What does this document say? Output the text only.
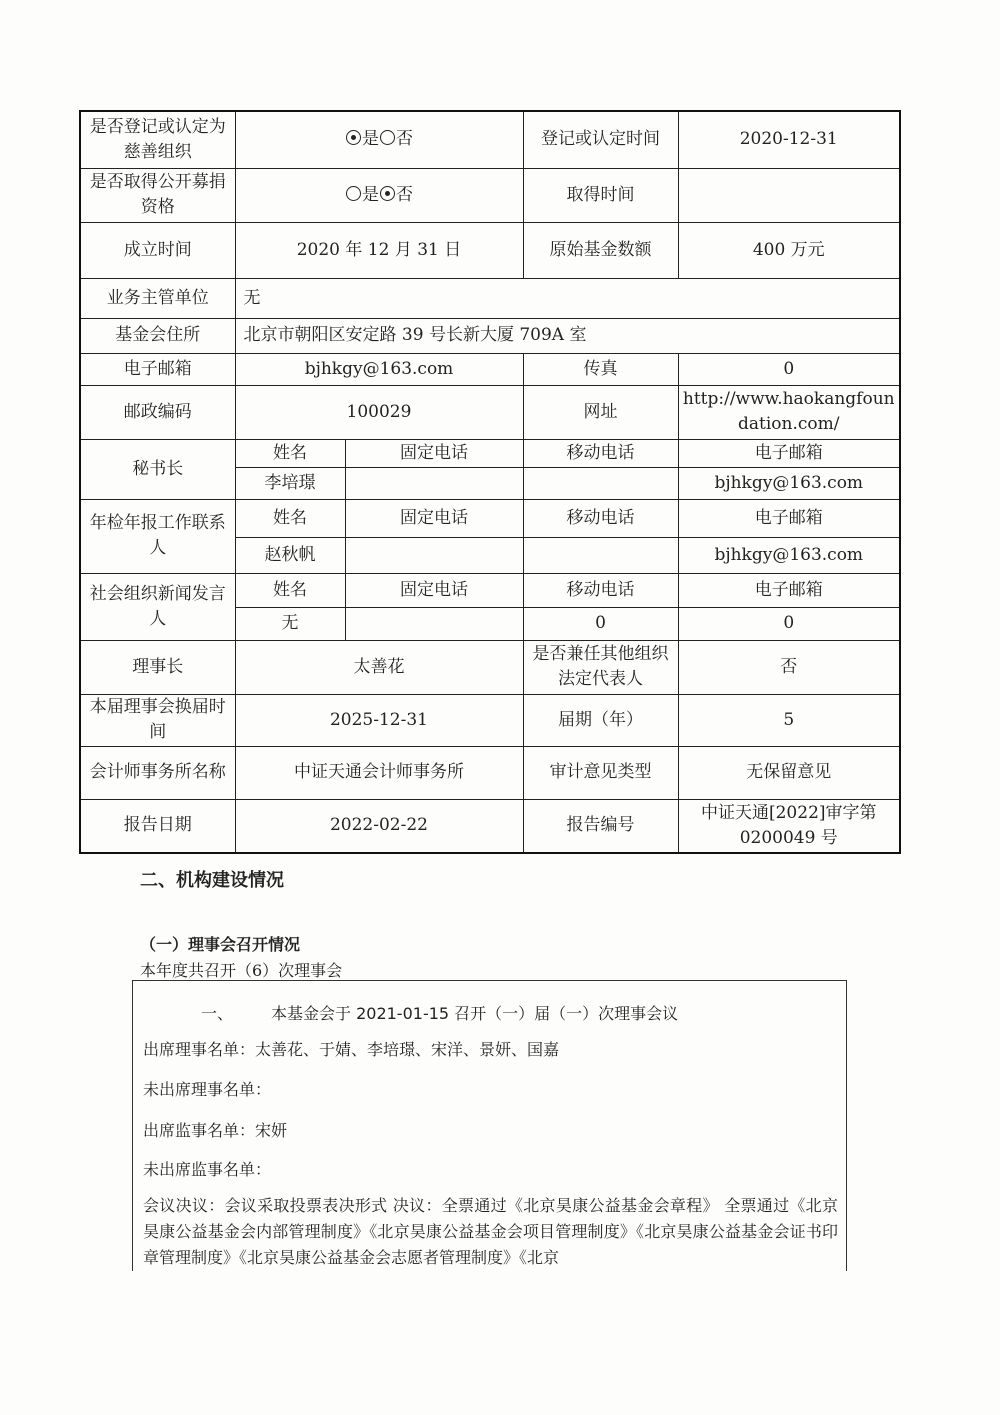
是否登记或认定为慈善组织	是 否		登记或认定时间	2020-12-31
是否取得公开募捐资格	是 否		取得时间	
成立时间	2020 年 12 月 31 日		原始基金数额	400 万元
业务主管单位	无			
基金会住所	北京市朝阳区安定路 39 号长新大厦 709A 室			
电子邮箱	bjhkgy@163.com		传真	0
邮政编码	100029		网址	http://www.haokangfoundation.com/
秘书长	姓名	固定电话	移动电话	电子邮箱
	李培璟			bjhkgy@163.com
年检年报工作联系人	姓名	固定电话	移动电话	电子邮箱
	赵秋帆			bjhkgy@163.com
社会组织新闻发言人	姓名	固定电话	移动电话	电子邮箱
	无		0	0
理事长	太善花		是否兼任其他组织法定代表人	否
本届理事会换届时间	2025-12-31		届期（年）	5
会计师事务所名称	中证天通会计师事务所		审计意见类型	无保留意见
报告日期	2022-02-22		报告编号	中证天通[2022]审字第0200049 号
二、机构建设情况
（一）理事会召开情况
本年度共召开（6）次理事会
一、 本基金会于 2021-01-15 召开（一）届（一）次理事会议
出席理事名单：太善花、于婧、李培璟、宋洋、景妍、国嘉
未出席理事名单：
出席监事名单：宋妍
未出席监事名单：
会议决议：会议采取投票表决形式 决议：全票通过《北京昊康公益基金会章程》 全票通过《北京昊康公益基金会内部管理制度》《北京昊康公益基金会项目管理制度》《北京昊康公益基金会证书印章管理制度》《北京昊康公益基金会志愿者管理制度》《北京
